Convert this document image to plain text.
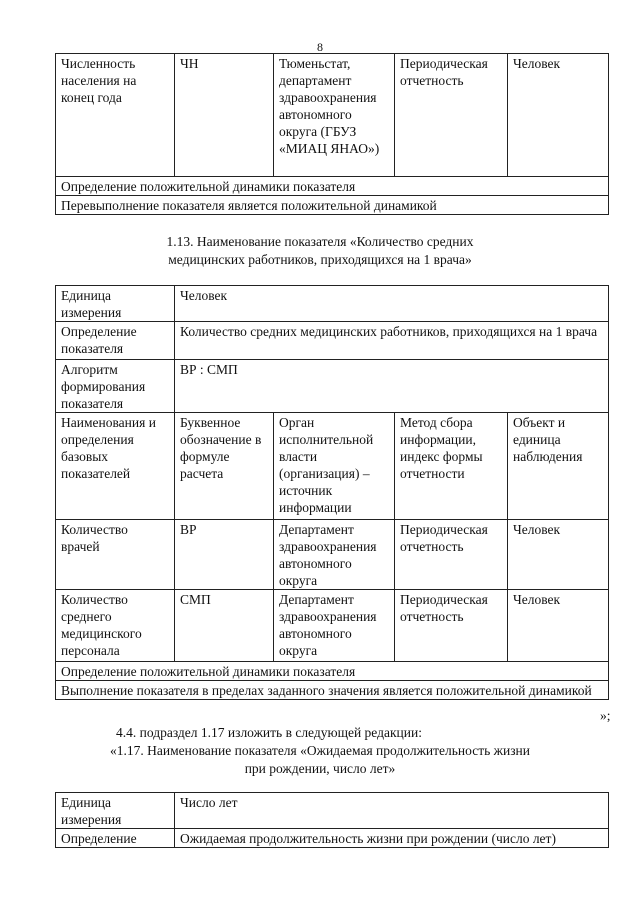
8
Численность населения на конец года	ЧН	Тюменьстат, департамент здравоохранения автономного округа (ГБУЗ «МИАЦ ЯНАО»)	Периодическая отчетность	Человек
Определение положительной динамики показателя
Перевыполнение показателя является положительной динамикой
1.13. Наименование показателя «Количество средних
медицинских работников, приходящихся на 1 врача»
Единица измерения	Человек			
Определение показателя	Количество средних медицинских работников, приходящихся на 1 врача			
Алгоритм формирования показателя	ВР : СМП			
Наименования и определения базовых показателей	Буквенное обозначение в формуле расчета	Орган исполнительной власти (организация) – источник информации	Метод сбора информации, индекс формы отчетности	Объект и единица наблюдения
Количество врачей	ВР	Департамент здравоохранения автономного округа	Периодическая отчетность	Человек
Количество среднего медицинского персонала	СМП	Департамент здравоохранения автономного округа	Периодическая отчетность	Человек
Определение положительной динамики показателя				
Выполнение показателя в пределах заданного значения является положительной динамикой				
»;
4.4. подраздел 1.17 изложить в следующей редакции:
«1.17. Наименование показателя «Ожидаемая продолжительность жизни
при рождении, число лет»
Единица измерения	Число лет
Определение	Ожидаемая продолжительность жизни при рождении (число лет)
